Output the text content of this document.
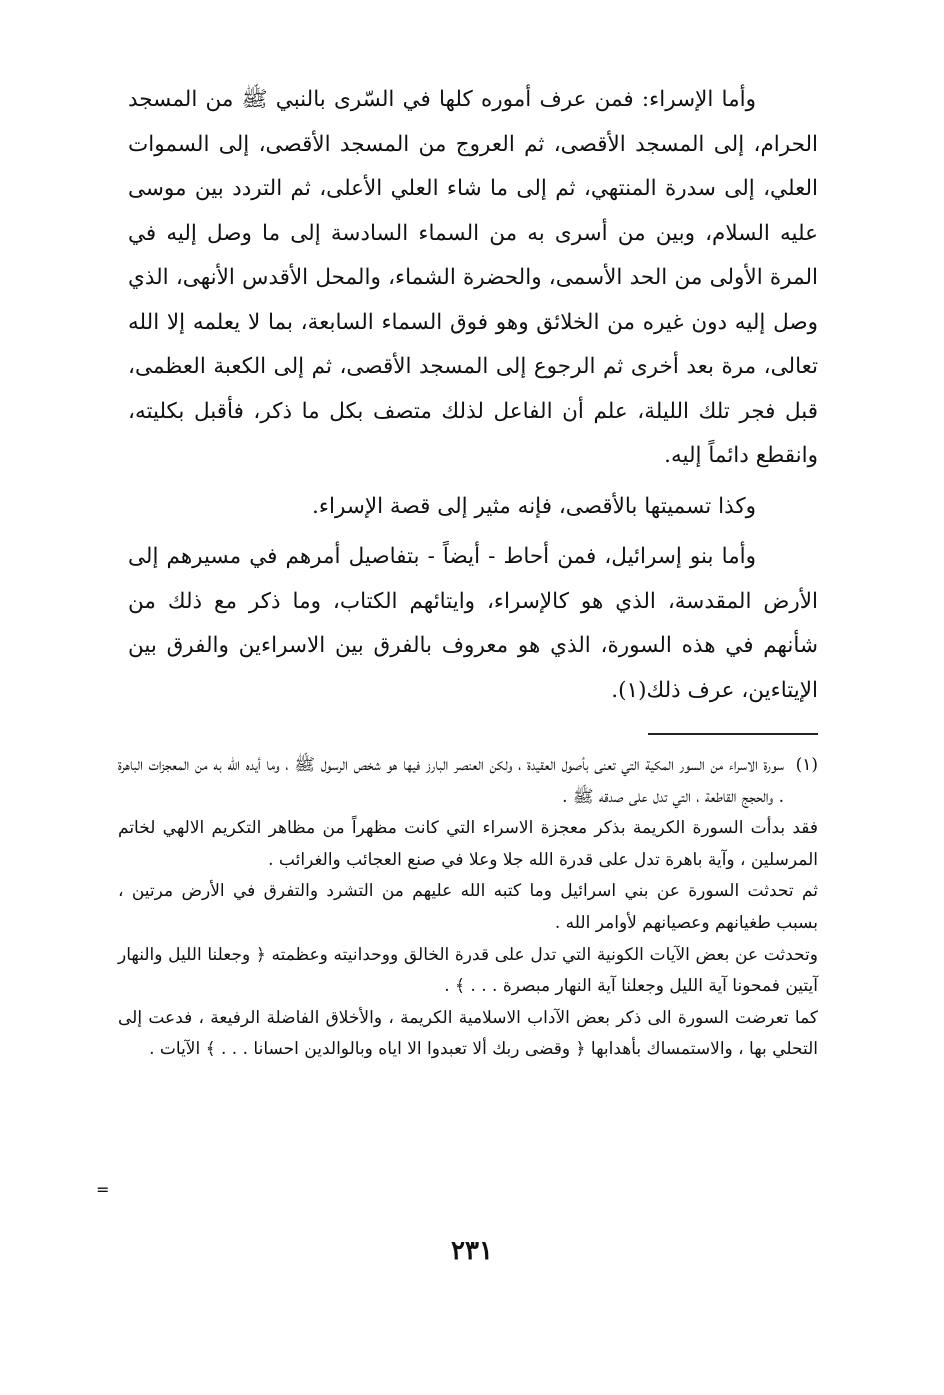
وأما الإسراء: فمن عرف أموره كلها في السّرى بالنبي ﷺ من المسجد الحرام، إلى المسجد الأقصى، ثم العروج من المسجد الأقصى، إلى السموات العلي، إلى سدرة المنتهي، ثم إلى ما شاء العلي الأعلى، ثم التردد بين موسى عليه السلام، وبين من أسرى به من السماء السادسة إلى ما وصل إليه في المرة الأولى من الحد الأسمى، والحضرة الشماء، والمحل الأقدس الأنهى، الذي وصل إليه دون غيره من الخلائق وهو فوق السماء السابعة، بما لا يعلمه إلا الله تعالى، مرة بعد أخرى ثم الرجوع إلى المسجد الأقصى، ثم إلى الكعبة العظمى، قبل فجر تلك الليلة، علم أن الفاعل لذلك متصف بكل ما ذكر، فأقبل بكليته، وانقطع دائماً إليه.

وكذا تسميتها بالأقصى، فإنه مثير إلى قصة الإسراء.

وأما بنو إسرائيل، فمن أحاط - أيضاً - بتفاصيل أمرهم في مسيرهم إلى الأرض المقدسة، الذي هو كالإسراء، وايتائهم الكتاب، وما ذكر مع ذلك من شأنهم في هذه السورة، الذي هو معروف بالفرق بين الاسراءين والفرق بين الإيتاءين، عرف ذلك(١).

(١)
سورة الاسراء من السور المكية التي تعنى بأصول العقيدة ، ولكن العنصر البارز فيها هو شخص الرسول ﷺ ، وما أيده الله به من المعجزات الباهرة . والحجج القاطعة ، التي تدل على صدقه ﷺ .

فقد بدأت السورة الكريمة بذكر معجزة الاسراء التي كانت مظهراً من مظاهر التكريم الالهي لخاتم المرسلين ، وآية باهرة تدل على قدرة الله جلا وعلا في صنع العجائب والغرائب .

ثم تحدثت السورة عن بني اسرائيل وما كتبه الله عليهم من التشرد والتفرق في الأرض مرتين ، بسبب طغيانهم وعصيانهم لأوامر الله .

وتحدثت عن بعض الآيات الكونية التي تدل على قدرة الخالق ووحدانيته وعظمته ﴿ وجعلنا الليل والنهار آيتين فمحونا آية الليل وجعلنا آية النهار مبصرة . . . ﴾ .

كما تعرضت السورة الى ذكر بعض الآداب الاسلامية الكريمة ، والأخلاق الفاضلة الرفيعة ، فدعت إلى التحلي بها ، والاستمساك بأهدابها ﴿ وقضى ربك ألا تعبدوا الا اياه وبالوالدين احسانا . . . ﴾ الآيات .

=
٢٣١
